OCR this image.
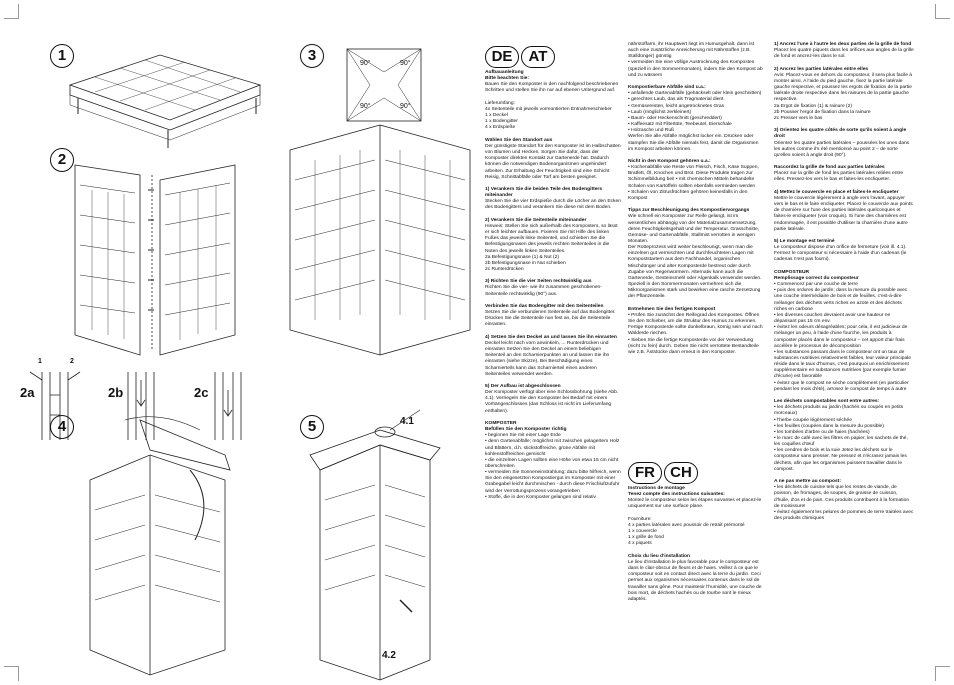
1
2
3
4	5
2a	2b	2c
1	2
4.1
4.2
90°	90°
90°	90°
DE	AT
FR	CH

Aufbauanleitung

Bitte beachten Sie:

Bauen Sie den Komposter in den nachfolgend beschriebenen Schritten und stellen Sie ihn nur auf ebenen Untergrund auf.

Lieferumfang:

4x Seitenteile mit jeweils vormontierten Entnahmeschieber
1 x Deckel
1 x Bodengitter
4 x Erdspieße

Wählen Sie den Standort aus

Der günstigste Standort für den Komposter ist im Halbschatten von Blumen und Hecken. Sorgen Sie dafür, dass der Komposter direkten Kontakt zur Gartenerde hat. Dadurch können die notwendigen Bodenorganismen ungehindert arbeiten. Zur Erhaltung der Feuchtigkeit sind eine Schicht Reisig, Schnittabfälle oder Torf am besten geeignet.

1) Verankern Sie die beiden Teile des Bodengitters miteinander

Stecken Sie die vier Erdspieße durch die Löcher an den Ecken des Bodengitters und verankern Sie diese mit dem Boden.

2) Verankern Sie die Seitenteile miteinander

Hinweis: Stellen Sie sich außerhalb des Komposters, so lässt er sich leichter aufbauen. Fixieren Sie mit Hilfe des linken Fußes das jeweils linke Seitenteil, und schieben Sie die Befestigungsnasen des jeweils rechten Seitenteiles in die Nuten des jeweils linken Seitenteiles.
2a Befestigungsnase (1) & Nut (2)
2b Befestigungsnase in Nut schieben
2c Runterdrücken

3) Richten Sie die vier Seiten rechtwinklig aus

Richten Sie die vier- wie ihr zusammen geschobenen- Seitenteile rechtwinklig (90°) aus.

Verbinden Sie das Bodengitter mit den Seitenteilen

Setzen Sie die verbundenen Seitenteile auf das Bodengitter. Drücken Sie die Seitenteile nun fest an, bis die Seitenteile einrasten.

4) Setzen Sie den Deckel an und lassen Sie ihn einrasten

Deckel leicht nach vorn anwinkeln, ... Runterdrücken und einrasten Setzen Sie den Deckel an einem beliebigen Seitenteil an den Scharnierpunkten an und lassen Sie ihn einrasten (siehe Skizze). Bei Beschädigung eines Scharnierteils kann das Scharnierteil eines anderen Seitenteiles verwendet werden.

5) Der Aufbau ist abgeschlossen

Der Komposter verfügt über eine Schlossbohrung (siehe Abb. 4.1). Verriegeln Sie den Komposter bei Bedarf mit einem Vorhängeschlosses (das Schloss ist nicht im Lieferumfang enthalten).

KOMPOSTER

Befüllen Sie den Komposter richtig

• beginnen Sie mit einer Lage Erde
• denn Gartenabfälle; möglichst mit zwischen gelagertem Holz und Blättern, d.h. stickstoffreiche, grüne Abfälle mit kohlenstoffreichen gemischt
• die einzelnen Lagen sollten eine Höhe von etwa 15 cm nicht überschreiten
• vermeiden Sie Sonneneinstrahlung; dazu bitte hilfreich, wenn Sie den eingesetzten Kompostiergut im Komposter mit einer Grabegabel leicht durchmischen - durch diese Frischluftzufuhr wird der Verrottungsprozess vorangetrieben
• Stoffe, die in den Komposter gelangen sind relativ

nährstoffarm, ihr Hauptwert liegt im Humusgehalt, dann ist auch eine zusätzliche Anreicherung mit Nährstoffen (z.B. Stalldünger) günstig
• vermeiden Sie eine völlige Austrocknung des Kompostes (speziell in den Sommermonaten), indem Sie den Kompost ab und zu wässern

Kompostierbare Abfälle sind u.a.:

• anfallende Gartenabfälle (gehäckselt oder klein geschnitten)
• gerechtes Laub, das als Tragmaterial dient
• Gemüseresten, leicht angetrocknetes Gras
• Laub (möglichst zerkleinert)
• Baum- oder Heckenschnitt (geschreddert)
• Kaffeesatz mit Filtertüte, Teebeutel, Eierschale
• Holzasche und Ruß
Werfen Sie alle Abfälle möglichst locker ein. Drücken oder stampfen Sie die Abfälle niemals fest, damit die Organismen im Kompost arbeiten können.

Nicht in den Kompost gehören u.a.:

• Küchenabfälle wie Reste von Fleisch, Fisch, Käse Suppen, Bratfett, Öl, Knochen und Brot. Diese Produkte tragen zur Schimmelbildung bei! • mit chemischen Mitteln behandelte Schalen von Kartoffeln sollten ebenfalls vermieden werden
• Schalen von Zitrusfrüchten gehören keinesfalls in den Kompost

Tipps zur Beschleunigung des Kompostiervorgangs

Wie schnell ein Komposter zur Reife gelangt, ist im wesentlichen abhängig von der Materialzusammensetzung, deren Feuchtigkeitsgehalt und der Temperatur. Grasschnitte, Gemüse- und Gartenabfälle, Stallmist verrotten in wenigen Monaten.
Der Rotteprozess wird weiter beschleunigt, wenn man die einzelnen gut vermischten und durchfeuchteten Lagen mit Kompoststartern aus dem Fachhandel, organischen Mischdünger und alter Komposterde bestreut oder durch Zugabe von Regenwürmern. Alternativ kann auch die Gartenerde, Gesteinsmehl oder Algenkalk verwendet werden. Speziell in den Sommermonaten vermehren sich die Mikroorganismen stark und bewirken eine rasche Zersetzung der Pflanzenteile.

Entnehmen Sie den fertigen Kompost

• Prüfen Sie zunächst den Reifegrad des Kompostes. Öffnen Sie den Schieber, um die Struktur des Humus zu erkennen. Fertige Komposterde sollte dunkelbraun, körnig sein und nach Walderde riechen.
• Sieben Sie die fertige Komposterde vor der Verwendung (nicht zu fein) durch. Geben Sie nicht verrottete Bestandteile wie z.B. Äststücke dann erneut in den Komposter.

Instructions de montage

Tenez compte des instructions suivantes:

Montez le composteur selon les étapes suivantes et placez-le uniquement sur une surface plane.

Fourniture:

4 x parties latérales avec poussoir de retrait prémonté
1 x couvercle
1 x grille de fond
4 x piquets

Choix du lieu d'installation

Le lieu d'installation le plus favorable pour le composteur est dans le clair-obscur de fleurs et de haies. Veillez à ce que le composteur soit en contact direct avec la terre du jardin. Ceci permet aux organismes nécessaires contenus dans le sol de travailler sans gêne. Pour maintenir l'humidité, une couche de bois mort, de déchets hachés ou de tourbe sont le mieux adaptés.

1) Ancrez l'une à l'autre les deux parties de la grille de fond

Placez les quatre piquets dans les orifices aux angles de la grille de fond et ancrez-les dans le sol.

2) Ancrez les parties latérales entre elles

Avis: Placez-vous en dehors du composteur, il sera plus facile à monter ainsi. A l'aide du pied gauche, fixez la partie latérale gauche respective, et poussez les ergots de fixation de la partie latérale droite respective dans les rainures de la partie gauche respective.
2a Ergot de fixation (1) & rainure (2)
2b Pousser l'ergot de fixation dans la rainure
2c Presser vers le bas

3) Orientez les quatre côtés de sorte qu'ils soient à angle droit

Orientez les quatre parties latérales – poussées les unes dans les autres comme il's été mentionné au point 2 – de sorte qu'elles soient à angle droit (90°).

Raccordez la grille de fond aux parties latérales

Placez sur la grille de fond les parties latérales reliées entre elles. Pressez-les vers le bas et faites-les encliqueter.

4) Mettez le couvercle en place et faites-le encliqueter

Mettre le couvercle légèrement à angle vers l'avant, appuyer vers le bas et le faire encliqueter. Placez le couvercle aux points de charnière sur l'une des parties latérales quelconques et faites-le encliqueter (voir croquis). Si l'une des charnières est endommagée, il est possible d'utiliser la charnière d'une autre partie latérale.

5) Le montage est terminé

Le composteur dispose d'un orifice de fermeture (voir ill. 4.1). Fermez le composteur si nécessaire à l'aide d'un cadenas (le cadenas n'est pas fourni).

COMPOSTEUR

Remplissage correct du composteur

• Commencez par une couche de terre
• puis des ordures de jardin; dans la mesure du possible avec une couche intermédiaire de bois et de feuilles, c'est-à-dire mélanger des déchets verts riches en azote et des déchets riches en carbone
• les diverses couches devraient avoir une hauteur ne dépassant pas 15 cm env.
• évitez les odeurs désagréables; pour cela, il est judicieux de mélanger un peu, à l'aide d'une fourche, les produits à composter placés dans le composteur – cet apport d'air frais accélère le processus de décomposition
• les substances passant dans le composteur ont un taux de substances nutritives relativement faibles, leur valeur principale réside dans le taux d'humus, c'est pourquoi un enrichissement supplémentaire en substances nutritives (par exemple fumier d'écurie) est favorable
• évitez que le compost ne sèche complètement (en particulier pendant les mois d'été), arrosez le compost de temps à autre

Les déchets compostables sont entre autres:

• les déchets produits au jardin (hachés ou coupés en petits morceaux)
• l'herbe coupée légèrement séchée
• les feuilles (coupées dans la mesure du possible)
• les tombées d'arbre ou de haies (hachées)
• le marc de café avec les filtres en papier, les sachets de thé, les coquilles d'œuf
• les cendres de bois et la suie Jetez les déchets sur le composteur sans presser. Ne pressez et n'écrasez jamais les déchets, afin que les organismes puissent travailler dans le compost.

A ne pas mettre au compost:

• les déchets de cuisine tels que les restes de viande, de poisson, de fromages, de soupes, de graisse de cuisson, d'huile, d'os et de pain. Ces produits contribuent à la formation de moisissure!
• évitez également les pelures de pommes de terre traitées avec des produits chimiques
